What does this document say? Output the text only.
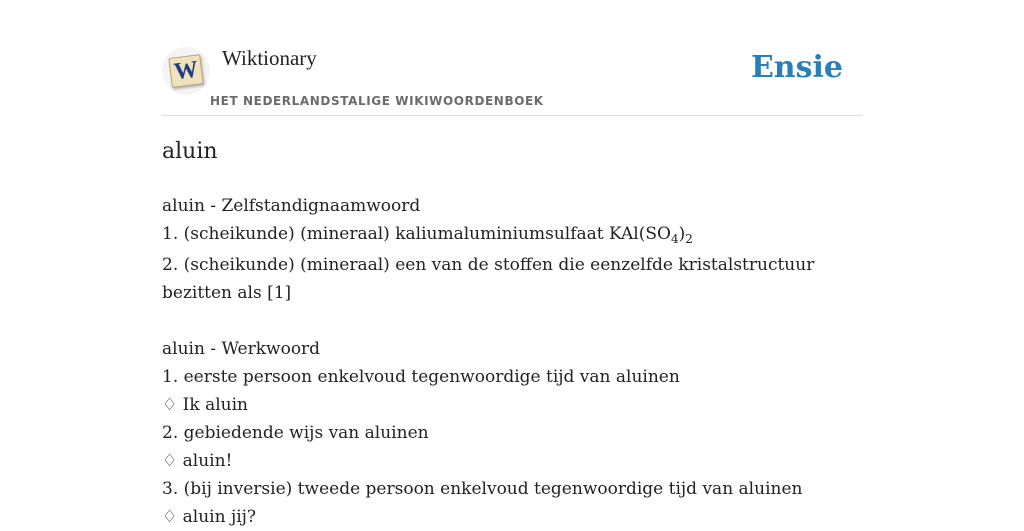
W Wiktionary
HET NEDERLANDSTALIGE WIKIWOORDENBOEK
Ensie
aluin
aluin - Zelfstandignaamwoord
1. (scheikunde) (mineraal) kaliumaluminiumsulfaat $KAl(SO_4)_2$
2. (scheikunde) (mineraal) een van de stoffen die eenzelfde kristalstructuur bezitten als [1]
aluin - Werkwoord
1. eerste persoon enkelvoud tegenwoordige tijd van aluinen
♢ Ik aluin
2. gebiedende wijs van aluinen
♢ aluin!
3. (bij inversie) tweede persoon enkelvoud tegenwoordige tijd van aluinen
♢ aluin jij?
